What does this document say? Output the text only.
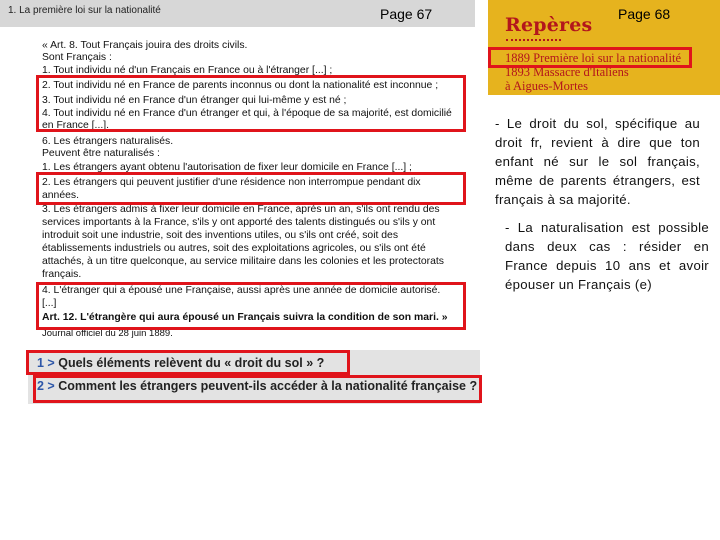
1. La première loi sur la nationalité	Page 67
« Art. 8. Tout Français jouira des droits civils.
Sont Français :
1. Tout individu né d'un Français en France ou à l'étranger [...] ;
2. Tout individu né en France de parents inconnus ou dont la nationalité est inconnue ;
3. Tout individu né en France d'un étranger qui lui-même y est né ;
4. Tout individu né en France d'un étranger et qui, à l'époque de sa majorité, est domicilié
en France [...].
6. Les étrangers naturalisés.
Peuvent être naturalisés :
1. Les étrangers ayant obtenu l'autorisation de fixer leur domicile en France [...] ;
2. Les étrangers qui peuvent justifier d'une résidence non interrompue pendant dix
années.
3. Les étrangers admis à fixer leur domicile en France, après un an, s'ils ont rendu des
services importants à la France, s'ils y ont apporté des talents distingués ou s'ils y ont
introduit soit une industrie, soit des inventions utiles, ou s'ils ont créé, soit des
établissements industriels ou autres, soit des exploitations agricoles, ou s'ils ont été
attachés, à un titre quelconque, au service militaire dans les colonies et les protectorats
français.
4. L'étranger qui a épousé une Française, aussi après une année de domicile autorisé.
[...]
Art. 12. L'étrangère qui aura épousé un Français suivra la condition de son mari. »
Journal officiel du 28 juin 1889.
1 > Quels éléments relèvent du « droit du sol » ?
2 > Comment les étrangers peuvent-ils accéder à la nationalité française ?
Repères
1889 Première loi sur la nationalité
1893 Massacre d'Italiens
à Aigues-Mortes
Page 68
- Le droit du sol, spécifique au droit fr, revient à dire que ton enfant né sur le sol français, même de parents étrangers, est français à sa majorité.
- La naturalisation est possible dans deux cas : résider en France depuis 10 ans et avoir épouser un Français (e)
